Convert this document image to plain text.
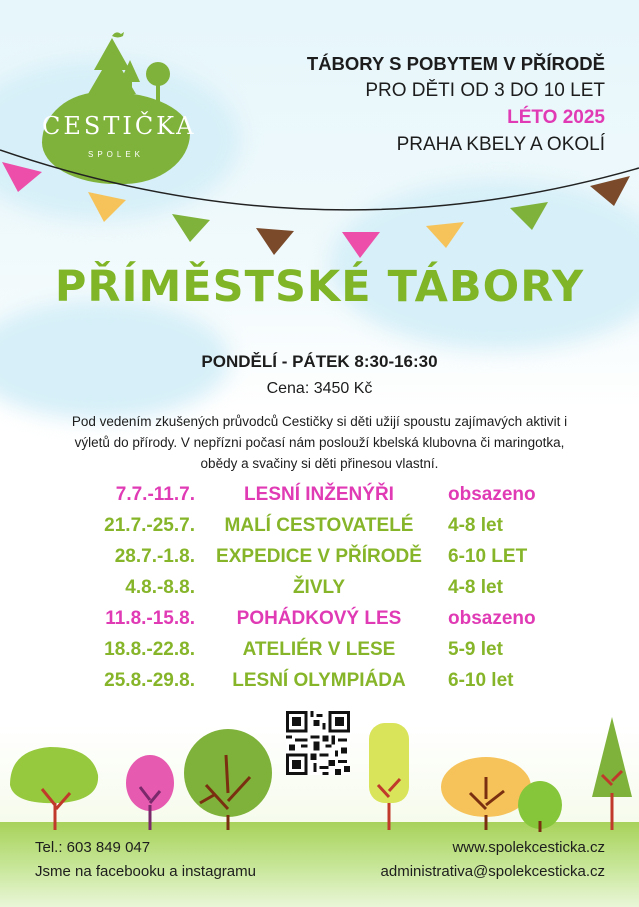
CESTIČKA
SPOLEK
TÁBORY S POBYTEM V PŘÍRODĚ
PRO DĚTI OD 3 DO 10 LET
LÉTO 2025
PRAHA KBELY A OKOLÍ
PŘÍMĚSTSKÉ TÁBORY
PONDĚLÍ - PÁTEK 8:30-16:30
Cena: 3450 Kč
Pod vedením zkušených průvodců Cestičky si děti užijí spoustu zajímavých aktivit i výletů do přírody. V nepřízni počasí nám poslouží kbelská klubovna či maringotka, obědy a svačiny si děti přinesou vlastní.
7.7.-11.7.	LESNÍ INŽENÝŘI	obsazeno
21.7.-25.7.	MALÍ CESTOVATELÉ	4-8 let
28.7.-1.8.	EXPEDICE V PŘÍRODĚ	6-10 LET
4.8.-8.8.	ŽIVLY	4-8 let
11.8.-15.8.	POHÁDKOVÝ LES	obsazeno
18.8.-22.8.	ATELIÉR V LESE	5-9 let
25.8.-29.8.	LESNÍ OLYMPIÁDA	6-10 let
Tel.: 603 849 047
Jsme na facebooku a instagramu
www.spolekcesticka.cz
administrativa@spolekcesticka.cz
